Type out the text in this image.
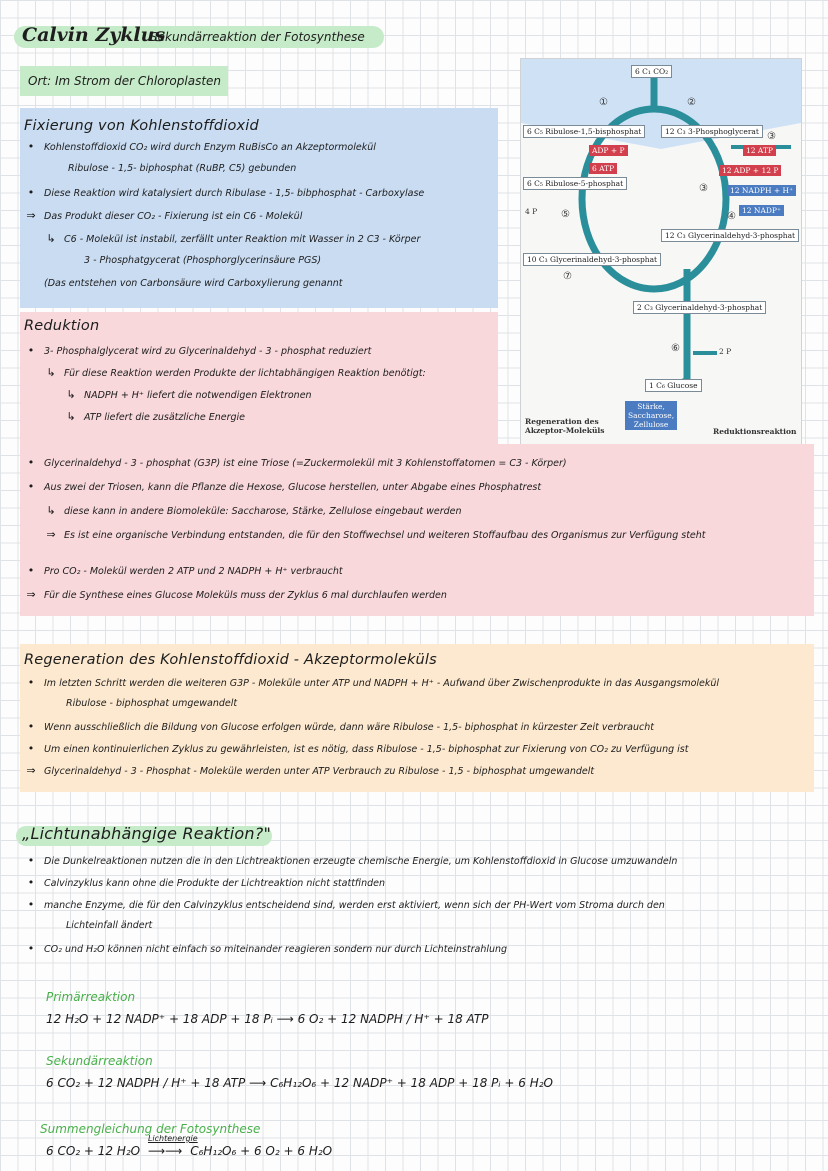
Calvin Zyklus
Sekundärreaktion der Fotosynthese
Ort: Im Strom der Chloroplasten
Fixierung von Kohlenstoffdioxid
•	Kohlenstoffdioxid CO₂ wird durch Enzym RuBisCo an Akzeptormolekül
Ribulose - 1,5- biphosphat (RuBP, C5) gebunden
•	Diese Reaktion wird katalysiert durch Ribulase - 1,5- bibphosphat - Carboxylase
⇒ Das Produkt dieser CO₂ - Fixierung ist ein C6 - Molekül
↳ C6 - Molekül ist instabil, zerfällt unter Reaktion mit Wasser in 2 C3 - Körper
3 - Phosphatgycerat (Phosphorglycerinsäure PGS)
(Das entstehen von Carbonsäure wird Carboxylierung genannt
6 C₁ CO₂
①	②
6 C₅ Ribulose-1,5-bisphosphat	12 C₃ 3-Phosphoglycerat ③
ADP + P
6 ATP
12 ATP
12 ADP + 12 P
6 C₅ Ribulose-5-phosphat	③	12 NADPH + H⁺
12 NADP⁺
4 P	④
⑤
12 C₃ Glycerinaldehyd-3-phosphat
10 C₃ Glycerinaldehyd-3-phosphat
⑦
2 C₃ Glycerinaldehyd-3-phosphat
⑥	2 P
1 C₆ Glucose
Stärke,
Saccharose,
Zellulose
Regeneration des
Akzeptor-Moleküls	Reduktionsreaktion
Reduktion
•	3- Phosphalglycerat wird zu Glycerinaldehyd - 3 - phosphat reduziert
↳ Für diese Reaktion werden Produkte der lichtabhängigen Reaktion benötigt:
↳ NADPH + H⁺ liefert die notwendigen Elektronen
↳ ATP liefert die zusätzliche Energie
•	Glycerinaldehyd - 3 - phosphat (G3P) ist eine Triose (=Zuckermolekül mit 3 Kohlenstoffatomen = C3 - Körper)
•	Aus zwei der Triosen, kann die Pflanze die Hexose, Glucose herstellen, unter Abgabe eines Phosphatrest
↳ diese kann in andere Biomoleküle: Saccharose, Stärke, Zellulose eingebaut werden
⇒ Es ist eine organische Verbindung entstanden, die für den Stoffwechsel und weiteren Stoffaufbau des Organismus zur Verfügung steht
•	Pro CO₂ - Molekül werden 2 ATP und 2 NADPH + H⁺ verbraucht
⇒ Für die Synthese eines Glucose Moleküls muss der Zyklus 6 mal durchlaufen werden
Regeneration des Kohlenstoffdioxid - Akzeptormoleküls
•	Im letzten Schritt werden die weiteren G3P - Moleküle unter ATP und NADPH + H⁺ - Aufwand über Zwischenprodukte in das Ausgangsmolekül
Ribulose - biphosphat umgewandelt
•	Wenn ausschließlich die Bildung von Glucose erfolgen würde, dann wäre Ribulose - 1,5- biphosphat in kürzester Zeit verbraucht
•	Um einen kontinuierlichen Zyklus zu gewährleisten, ist es nötig, dass Ribulose - 1,5- biphosphat zur Fixierung von CO₂ zu Verfügung ist
⇒ Glycerinaldehyd - 3 - Phosphat - Moleküle werden unter ATP Verbrauch zu Ribulose - 1,5 - biphosphat umgewandelt
„Lichtunabhängige Reaktion?"
•	Die Dunkelreaktionen nutzen die in den Lichtreaktionen erzeugte chemische Energie, um Kohlenstoffdioxid in Glucose umzuwandeln
•	Calvinzyklus kann ohne die Produkte der Lichtreaktion nicht stattfinden
•	manche Enzyme, die für den Calvinzyklus entscheidend sind, werden erst aktiviert, wenn sich der PH-Wert vom Stroma durch den
Lichteinfall ändert
•	CO₂ und H₂O können nicht einfach so miteinander reagieren sondern nur durch Lichteinstrahlung
Primärreaktion
12 H₂O + 12 NADP⁺ + 18 ADP + 18 Pᵢ ⟶ 6 O₂ + 12 NADPH / H⁺ + 18 ATP
Sekundärreaktion
6 CO₂ + 12 NADPH / H⁺ + 18 ATP ⟶ C₆H₁₂O₆ + 12 NADP⁺ + 18 ADP + 18 Pᵢ + 6 H₂O
Summengleichung der Fotosynthese
6 CO₂ + 12 H₂O
Lichtenergie
⟶⟶ C₆H₁₂O₆ + 6 O₂ + 6 H₂O
